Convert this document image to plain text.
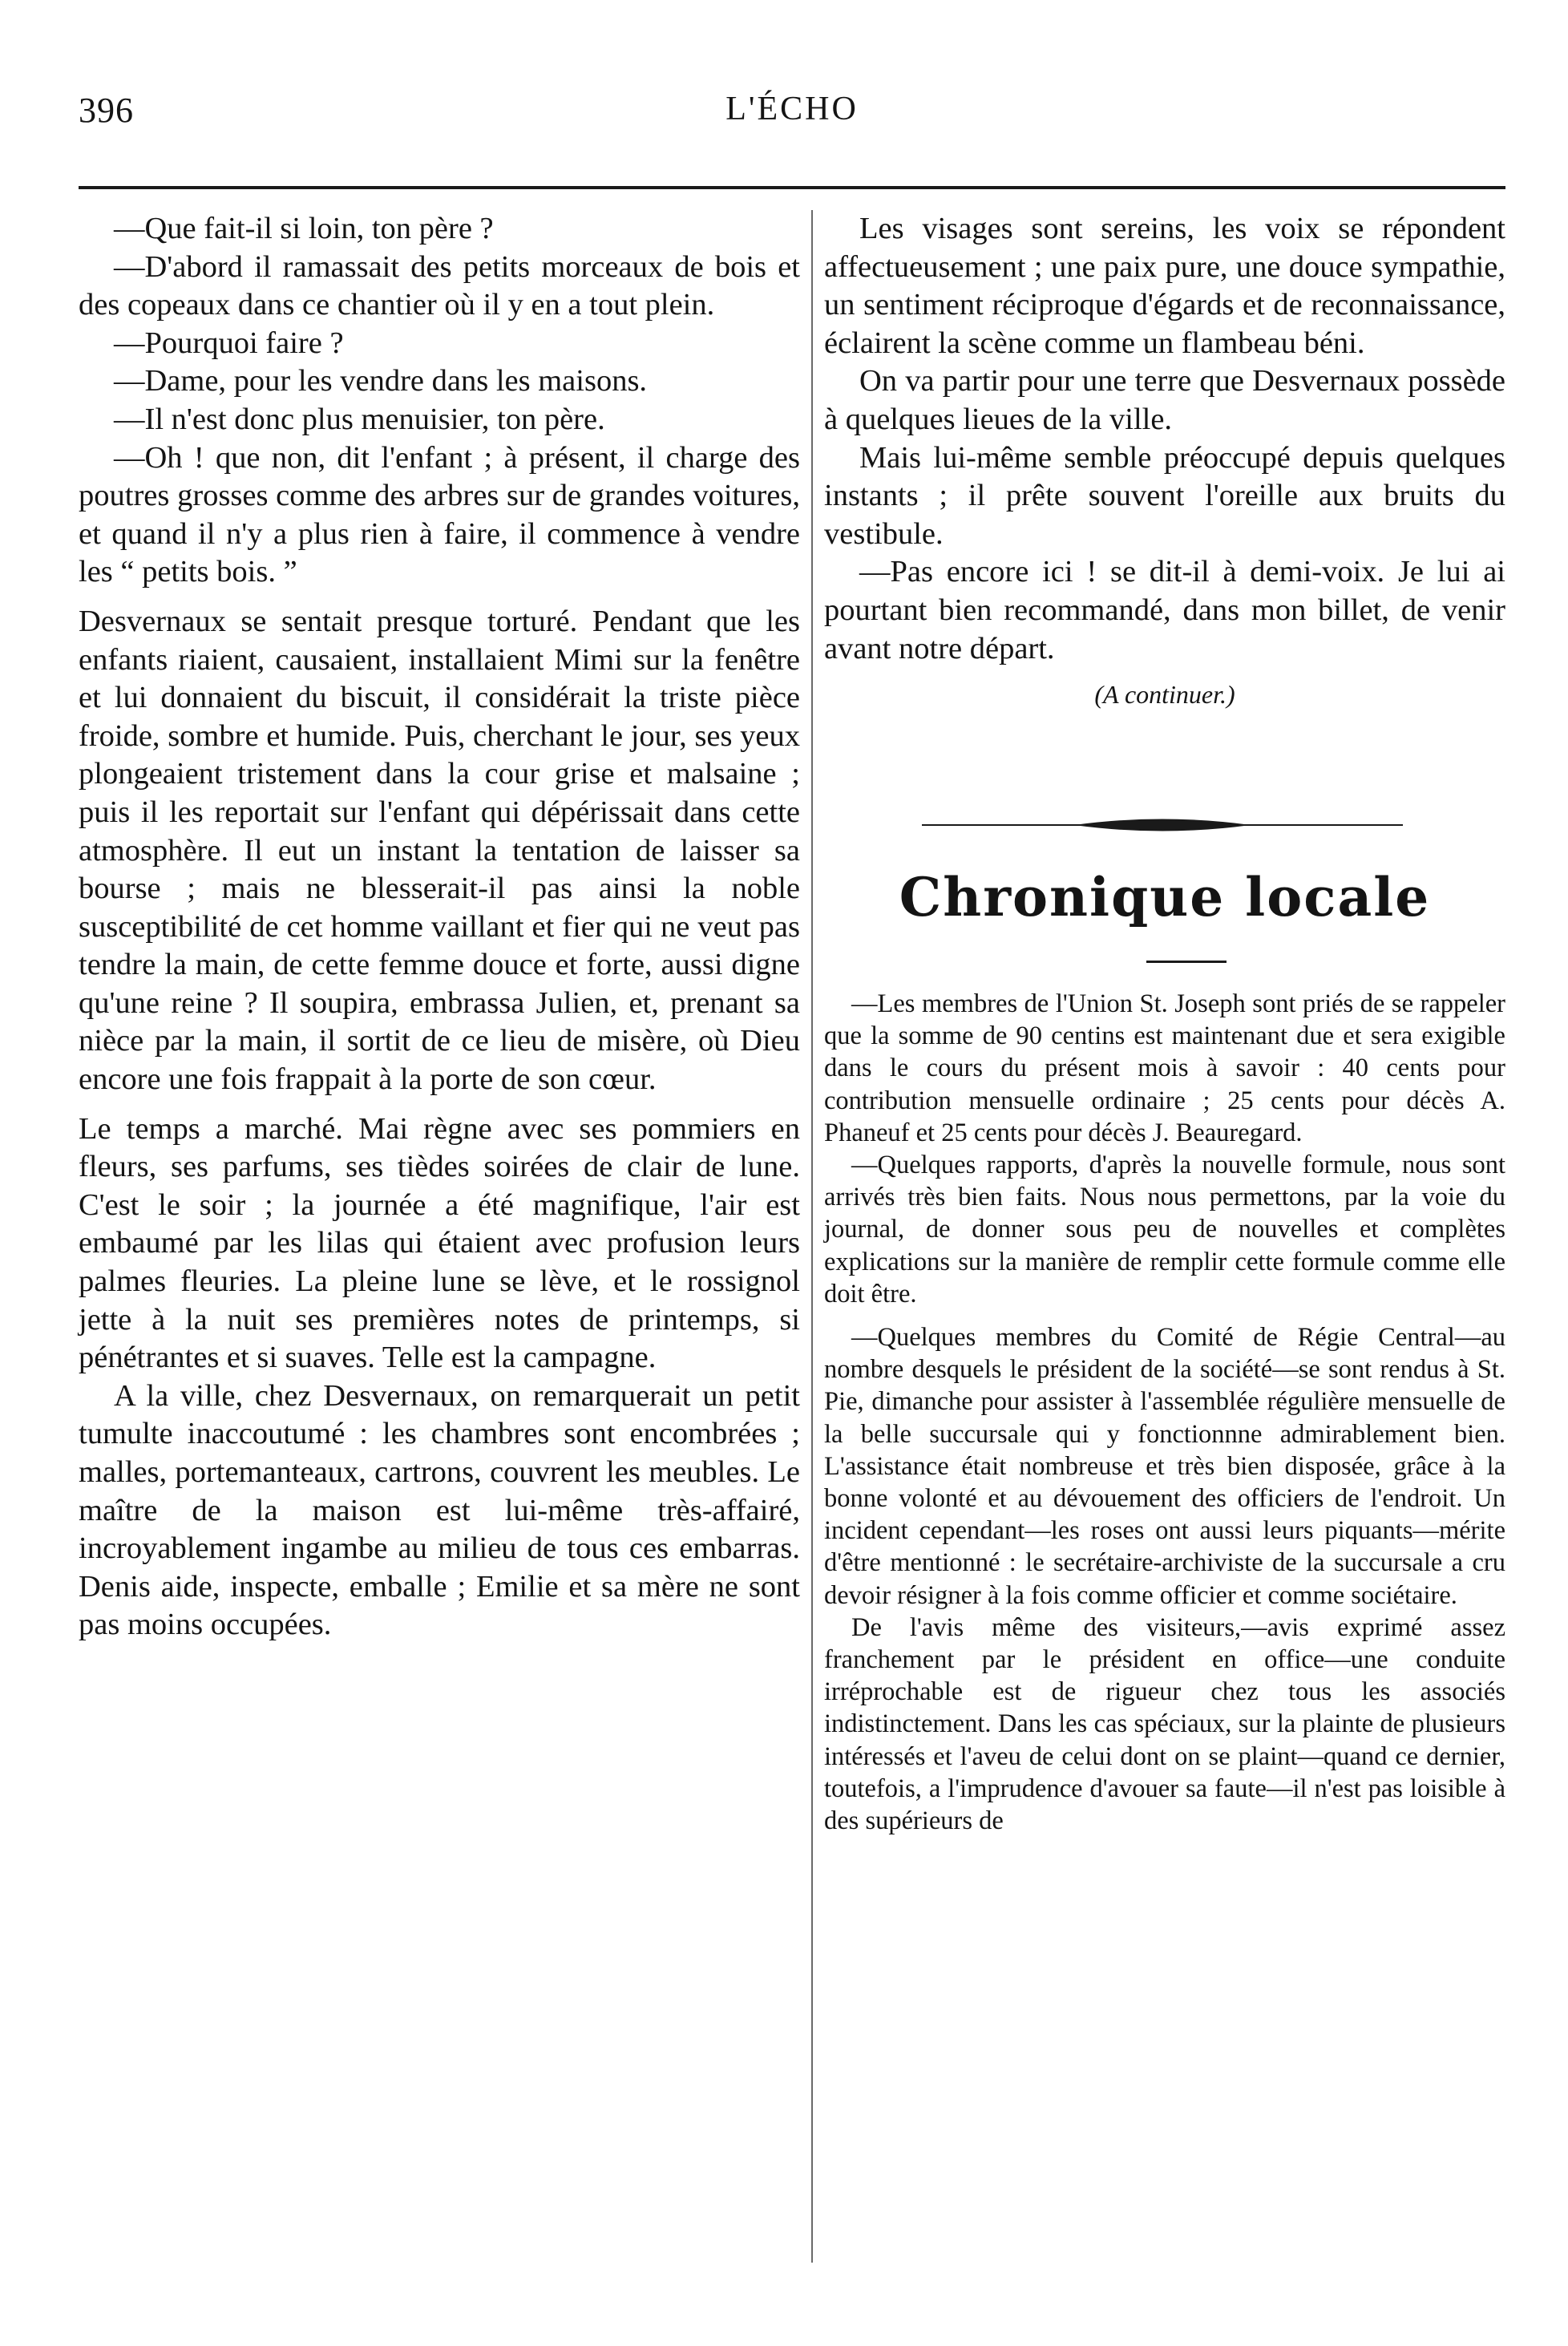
396	L'ÉCHO

—Que fait-il si loin, ton père ?

—D'abord il ramassait des petits morceaux de bois et des copeaux dans ce chantier où il y en a tout plein.

—Pourquoi faire ?

—Dame, pour les vendre dans les maisons.

—Il n'est donc plus menuisier, ton père.

—Oh ! que non, dit l'enfant ; à présent, il charge des poutres grosses comme des arbres sur de grandes voitures, et quand il n'y a plus rien à faire, il commence à vendre les “ petits bois. ”

Desvernaux se sentait presque torturé. Pendant que les enfants riaient, causaient, installaient Mimi sur la fenêtre et lui donnaient du biscuit, il considérait la triste pièce froide, sombre et humide. Puis, cherchant le jour, ses yeux plongeaient tristement dans la cour grise et malsaine ; puis il les reportait sur l'enfant qui dépérissait dans cette atmosphère. Il eut un instant la tentation de laisser sa bourse ; mais ne blesserait-il pas ainsi la noble susceptibilité de cet homme vaillant et fier qui ne veut pas tendre la main, de cette femme douce et forte, aussi digne qu'une reine ? Il soupira, embrassa Julien, et, prenant sa nièce par la main, il sortit de ce lieu de misère, où Dieu encore une fois frappait à la porte de son cœur.

Le temps a marché. Mai règne avec ses pommiers en fleurs, ses parfums, ses tièdes soirées de clair de lune. C'est le soir ; la journée a été magnifique, l'air est embaumé par les lilas qui étaient avec profusion leurs palmes fleuries. La pleine lune se lève, et le rossignol jette à la nuit ses premières notes de printemps, si pénétrantes et si suaves. Telle est la campagne.

A la ville, chez Desvernaux, on remarquerait un petit tumulte inaccoutumé : les chambres sont encombrées ; malles, portemanteaux, cartrons, couvrent les meubles. Le maître de la maison est lui-même très-affairé, incroyablement ingambe au milieu de tous ces embarras. Denis aide, inspecte, emballe ; Emilie et sa mère ne sont pas moins occupées.

Les visages sont sereins, les voix se répondent affectueusement ; une paix pure, une douce sympathie, un sentiment réciproque d'égards et de reconnaissance, éclairent la scène comme un flambeau béni.

On va partir pour une terre que Desvernaux possède à quelques lieues de la ville.

Mais lui-même semble préoccupé depuis quelques instants ; il prête souvent l'oreille aux bruits du vestibule.

—Pas encore ici ! se dit-il à demi-voix. Je lui ai pourtant bien recommandé, dans mon billet, de venir avant notre départ.

(A continuer.)

Chronique locale

—Les membres de l'Union St. Joseph sont priés de se rappeler que la somme de 90 centins est maintenant due et sera exigible dans le cours du présent mois à savoir : 40 cents pour contribution mensuelle ordinaire ; 25 cents pour décès A. Phaneuf et 25 cents pour décès J. Beauregard.

—Quelques rapports, d'après la nouvelle formule, nous sont arrivés très bien faits. Nous nous permettons, par la voie du journal, de donner sous peu de nouvelles et complètes explications sur la manière de remplir cette formule comme elle doit être.

—Quelques membres du Comité de Régie Central—au nombre desquels le président de la société—se sont rendus à St. Pie, dimanche pour assister à l'assemblée régulière mensuelle de la belle succursale qui y fonctionnne admirablement bien. L'assistance était nombreuse et très bien disposée, grâce à la bonne volonté et au dévouement des officiers de l'endroit. Un incident cependant—les roses ont aussi leurs piquants—mérite d'être mentionné : le secrétaire-archiviste de la succursale a cru devoir résigner à la fois comme officier et comme sociétaire.

De l'avis même des visiteurs,—avis exprimé assez franchement par le président en office—une conduite irréprochable est de rigueur chez tous les associés indistinctement. Dans les cas spéciaux, sur la plainte de plusieurs intéressés et l'aveu de celui dont on se plaint—quand ce dernier, toutefois, a l'imprudence d'avouer sa faute—il n'est pas loisible à des supérieurs de
